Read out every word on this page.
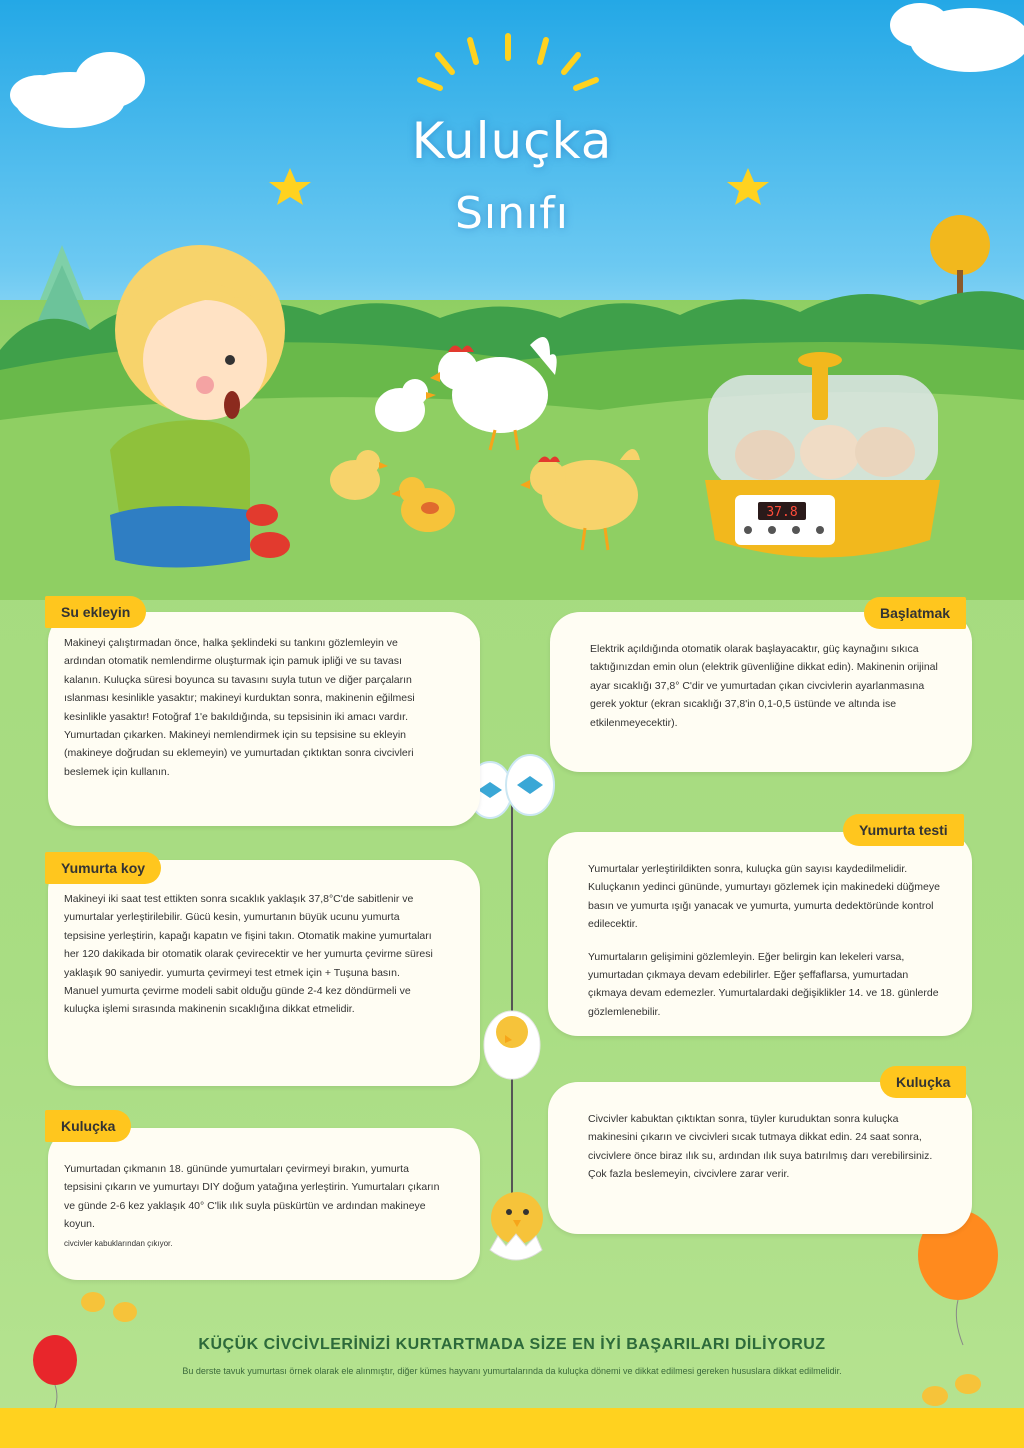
37.8
Kuluçka
Sınıfı
Makineyi çalıştırmadan önce, halka şeklindeki su tankını gözlemleyin ve ardından otomatik nemlendirme oluşturmak için pamuk ipliği ve su tavası kalanın. Kuluçka süresi boyunca su tavasını suyla tutun ve diğer parçaların ıslanması kesinlikle yasaktır; makineyi kurduktan sonra, makinenin eğilmesi kesinlikle yasaktır! Fotoğraf 1'e bakıldığında, su tepsisinin iki amacı vardır. Yumurtadan çıkarken. Makineyi nemlendirmek için su tepsisine su ekleyin (makineye doğrudan su eklemeyin) ve yumurtadan çıktıktan sonra civcivleri beslemek için kullanın.
Su ekleyin
Elektrik açıldığında otomatik olarak başlayacaktır, güç kaynağını sıkıca taktığınızdan emin olun (elektrik güvenliğine dikkat edin). Makinenin orijinal ayar sıcaklığı 37,8° C'dir ve yumurtadan çıkan civcivlerin ayarlanmasına gerek yoktur (ekran sıcaklığı 37,8'in 0,1-0,5 üstünde ve altında ise etkilenmeyecektir).
Başlatmak
Makineyi iki saat test ettikten sonra sıcaklık yaklaşık 37,8°C'de sabitlenir ve yumurtalar yerleştirilebilir. Gücü kesin, yumurtanın büyük ucunu yumurta tepsisine yerleştirin, kapağı kapatın ve fişini takın. Otomatik makine yumurtaları her 120 dakikada bir otomatik olarak çevirecektir ve her yumurta çevirme süresi yaklaşık 90 saniyedir. yumurta çevirmeyi test etmek için + Tuşuna basın. Manuel yumurta çevirme modeli sabit olduğu günde 2-4 kez döndürmeli ve kuluçka işlemi sırasında makinenin sıcaklığına dikkat etmelidir.
Yumurta koy	Yumurtalar yerleştirildikten sonra, kuluçka gün sayısı kaydedilmelidir. Kuluçkanın yedinci gününde, yumurtayı gözlemek için makinedeki düğmeye basın ve yumurta ışığı yanacak ve yumurta, yumurta dedektöründe kontrol edilecektir.

Yumurtaların gelişimini gözlemleyin. Eğer belirgin kan lekeleri varsa, yumurtadan çıkmaya devam edebilirler. Eğer şeffaflarsa, yumurtadan çıkmaya devam edemezler. Yumurtalardaki değişiklikler 14. ve 18. günlerde gözlemlenebilir.

Yumurta testi
Civcivler kabuktan çıktıktan sonra, tüyler kuruduktan sonra kuluçka makinesini çıkarın ve civcivleri sıcak tutmaya dikkat edin. 24 saat sonra, civcivlere önce biraz ılık su, ardından ılık suya batırılmış darı verebilirsiniz. Çok fazla beslemeyin, civcivlere zarar verir.
Kuluçka

Yumurtadan çıkmanın 18. gününde yumurtaları çevirmeyi bırakın, yumurta tepsisini çıkarın ve yumurtayı DIY doğum yatağına yerleştirin. Yumurtaları çıkarın ve günde 2-6 kez yaklaşık 40° C'lik ılık suyla püskürtün ve ardından makineye koyun.

civcivler kabuklarından çıkıyor.

Kuluçka
KÜÇÜK CİVCİVLERİNİZİ KURTARTMADA SİZE EN İYİ BAŞARILARI DİLİYORUZ
Bu derste tavuk yumurtası örnek olarak ele alınmıştır, diğer kümes hayvanı yumurtalarında da kuluçka dönemi ve dikkat edilmesi gereken hususlara dikkat edilmelidir.
